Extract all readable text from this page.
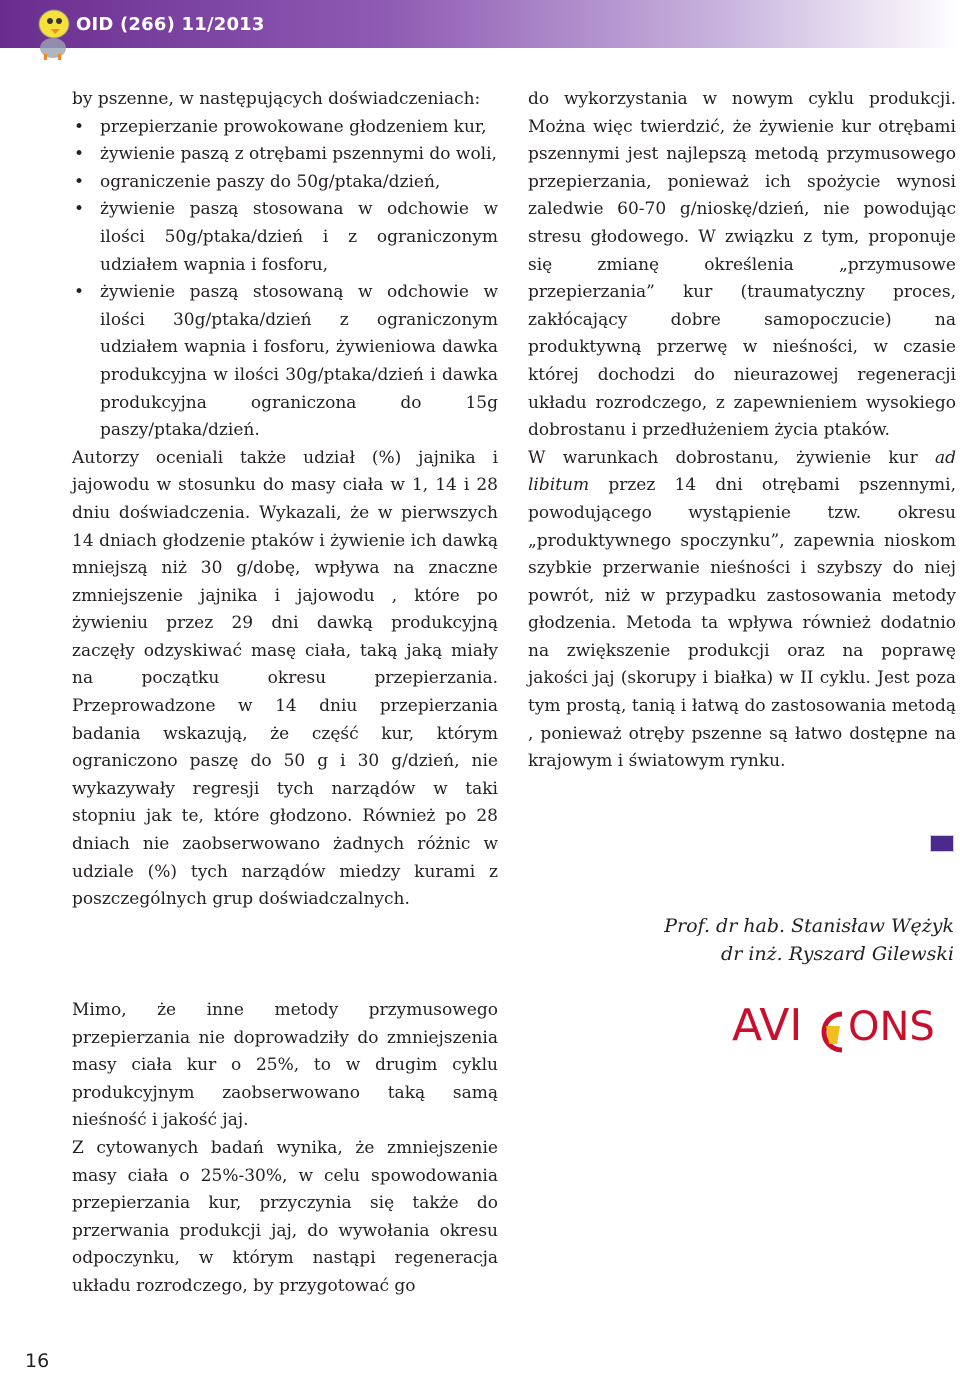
OID (266) 11/2013

by pszenne, w następujących doświadczeniach:

• przepierzanie prowokowane głodzeniem kur,
• żywienie paszą z otrębami pszennymi do woli,
• ograniczenie paszy do 50g/ptaka/dzień,
• żywienie paszą stosowana w odchowie w ilości 50g/ptaka/dzień i z ograniczonym udziałem wapnia i fosforu,
• żywienie paszą stosowaną w odchowie w ilości 30g/ptaka/dzień z ograniczonym udziałem wapnia i fosforu, żywieniowa dawka produkcyjna w ilości 30g/ptaka/dzień i dawka produkcyjna ograniczona do 15g paszy/ptaka/dzień.

Autorzy oceniali także udział (%) jajnika i jajowodu w stosunku do masy ciała w 1, 14 i 28 dniu doświadczenia. Wykazali, że w pierwszych 14 dniach głodzenie ptaków i żywienie ich dawką mniejszą niż 30 g/dobę, wpływa na znaczne zmniejszenie jajnika i jajowodu , które po żywieniu przez 29 dni dawką produkcyjną zaczęły odzyskiwać masę ciała, taką jaką miały na początku okresu przepierzania. Przeprowadzone w 14 dniu przepierzania badania wskazują, że część kur, którym ograniczono paszę do 50 g i 30 g/dzień, nie wykazywały regresji tych narządów w taki stopniu jak te, które głodzono. Również po 28 dniach nie zaobserwowano żadnych różnic w udziale (%) tych narządów miedzy kurami z poszczególnych grup doświadczalnych.

Mimo, że inne metody przymusowego przepierzania nie doprowadziły do zmniejszenia masy ciała kur o 25%, to w drugim cyklu produkcyjnym zaobserwowano taką samą nieśność i jakość jaj.

Z cytowanych badań wynika, że zmniejszenie masy ciała o 25%-30%, w celu spowodowania przepierzania kur, przyczynia się także do przerwania produkcji jaj, do wywołania okresu odpoczynku, w którym nastąpi regeneracja układu rozrodczego, by przygotować go

do wykorzystania w nowym cyklu produkcji. Można więc twierdzić, że żywienie kur otrębami pszennymi jest najlepszą metodą przymusowego przepierzania, ponieważ ich spożycie wynosi zaledwie 60-70 g/nioskę/dzień, nie powodując stresu głodowego. W związku z tym, proponuje się zmianę określenia „przymusowe przepierzania” kur (traumatyczny proces, zakłócający dobre samopoczucie) na produktywną przerwę w nieśności, w czasie której dochodzi do nieurazowej regeneracji układu rozrodczego, z zapewnieniem wysokiego dobrostanu i przedłużeniem życia ptaków.

W warunkach dobrostanu, żywienie kur ad libitum przez 14 dni otrębami pszennymi, powodującego wystąpienie tzw. okresu „produktywnego spoczynku”, zapewnia nioskom szybkie przerwanie nieśności i szybszy do niej powrót, niż w przypadku zastosowania metody głodzenia. Metoda ta wpływa również dodatnio na zwiększenie produkcji oraz na poprawę jakości jaj (skorupy i białka) w II cyklu. Jest poza tym prostą, tanią i łatwą do zastosowania metodą , ponieważ otręby pszenne są łatwo dostępne na krajowym i światowym rynku.

Prof. dr hab. Stanisław Wężyk
dr inż. Ryszard Gilewski
AVI ONS
16
